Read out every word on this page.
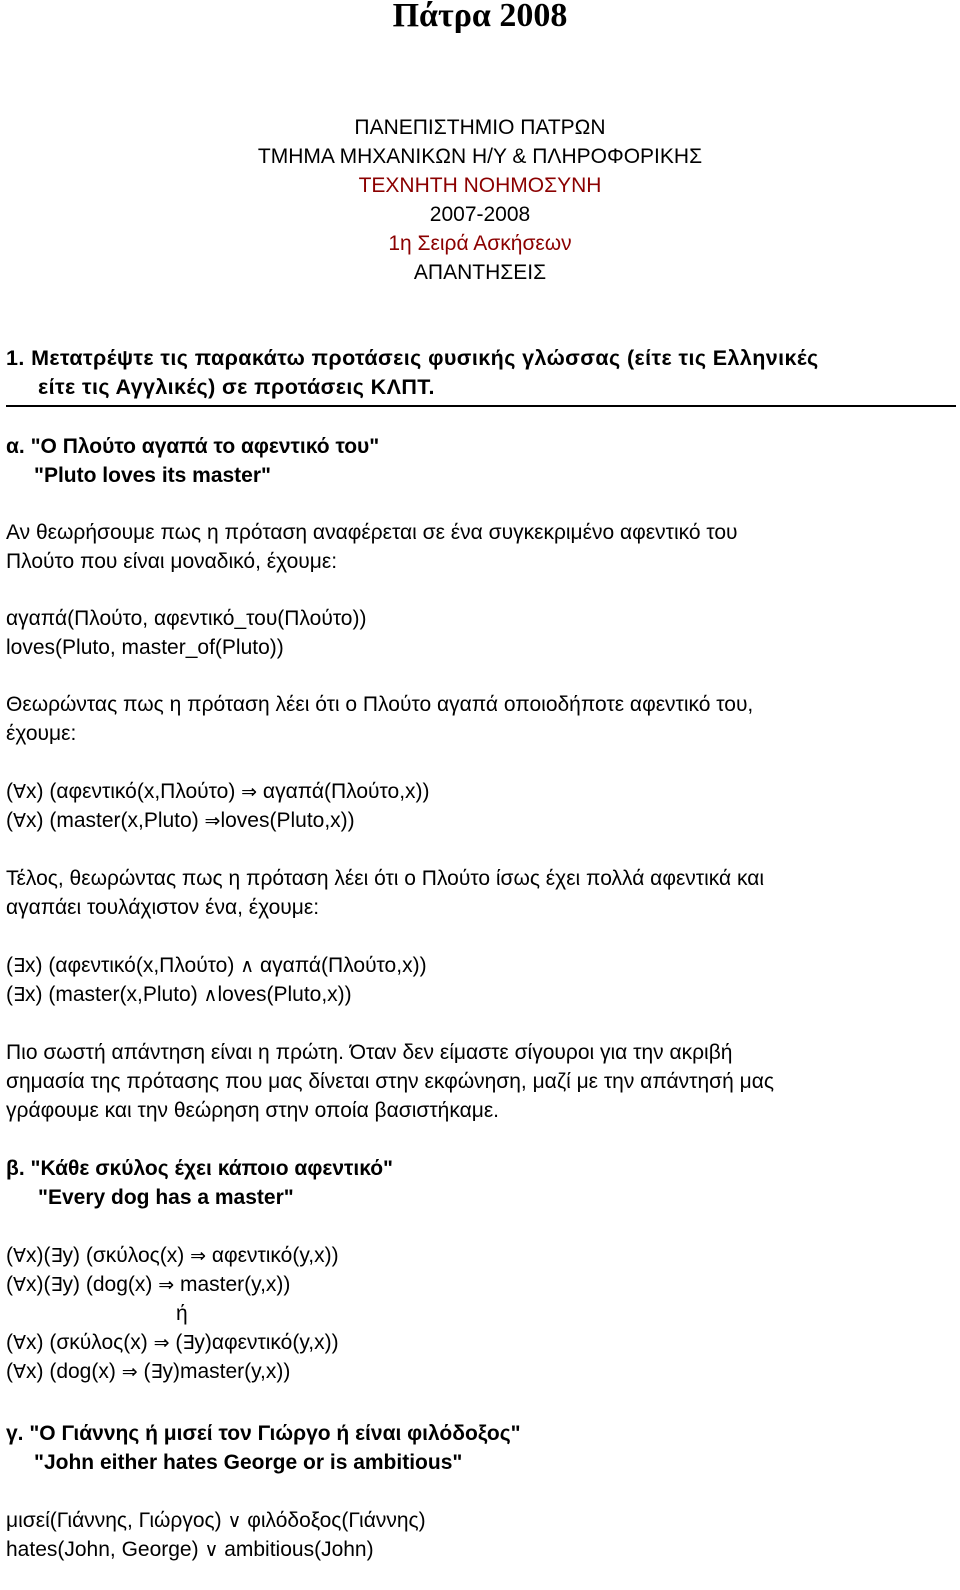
Πάτρα 2008
ΠΑΝΕΠΙΣΤΗΜΙΟ ΠΑΤΡΩΝ
ΤΜΗΜΑ ΜΗΧΑΝΙΚΩΝ Η/Υ & ΠΛΗΡΟΦΟΡΙΚΗΣ
ΤΕΧΝΗΤΗ ΝΟΗΜΟΣΥΝΗ
2007-2008
1η Σειρά Ασκήσεων
ΑΠΑΝΤΗΣΕΙΣ
1. Μετατρέψτε τις παρακάτω προτάσεις φυσικής γλώσσας (είτε τις Ελληνικές
είτε τις Αγγλικές) σε προτάσεις ΚΛΠΤ.
α. "Ο Πλούτο αγαπά το αφεντικό του"
"Pluto loves its master"
Αν θεωρήσουμε πως η πρόταση αναφέρεται σε ένα συγκεκριμένο αφεντικό του
Πλούτο που είναι μοναδικό, έχουμε:
αγαπά(Πλούτο, αφεντικό_του(Πλούτο))
loves(Pluto, master_of(Pluto))
Θεωρώντας πως η πρόταση λέει ότι ο Πλούτο αγαπά οποιοδήποτε αφεντικό του,
έχουμε:
(∀x) (αφεντικό(x,Πλούτο) ⇒ αγαπά(Πλούτο,x))
(∀x) (master(x,Pluto) ⇒loves(Pluto,x))
Τέλος, θεωρώντας πως η πρόταση λέει ότι ο Πλούτο ίσως έχει πολλά αφεντικά και
αγαπάει τουλάχιστον ένα, έχουμε:
(∃x) (αφεντικό(x,Πλούτο) ∧ αγαπά(Πλούτο,x))
(∃x) (master(x,Pluto) ∧loves(Pluto,x))
Πιο σωστή απάντηση είναι η πρώτη. Όταν δεν είμαστε σίγουροι για την ακριβή
σημασία της πρότασης που μας δίνεται στην εκφώνηση, μαζί με την απάντησή μας
γράφουμε και την θεώρηση στην οποία βασιστήκαμε.
β. "Κάθε σκύλος έχει κάποιο αφεντικό"
"Every dog has a master"
(∀x)(∃y) (σκύλος(x) ⇒ αφεντικό(y,x))
(∀x)(∃y) (dog(x) ⇒ master(y,x))
ή
(∀x) (σκύλος(x) ⇒ (∃y)αφεντικό(y,x))
(∀x) (dog(x) ⇒ (∃y)master(y,x))
γ. "Ο Γιάννης ή μισεί τον Γιώργο ή είναι φιλόδοξος"
"John either hates George or is ambitious"
μισεί(Γιάννης, Γιώργος) ∨ φιλόδοξος(Γιάννης)
hates(John, George) ∨ ambitious(John)
